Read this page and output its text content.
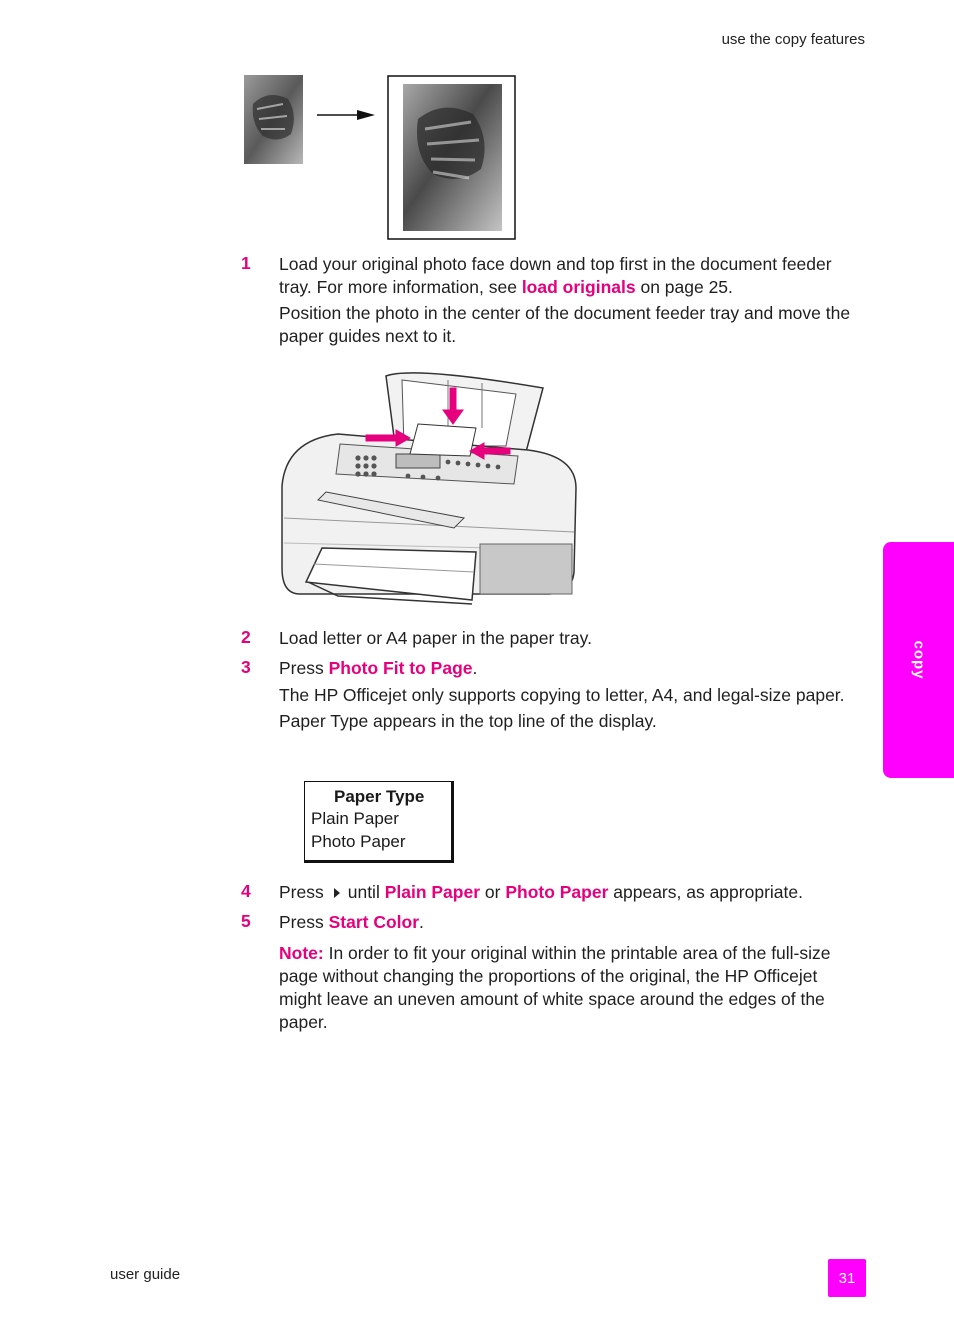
use the copy features
1 Load your original photo face down and top first in the document feeder
tray. For more information, see load originals on page 25.
Position the photo in the center of the document feeder tray and move the
paper guides next to it.
2 Load letter or A4 paper in the paper tray.
3 Press Photo Fit to Page.
The HP Officejet only supports copying to letter, A4, and legal-size paper.
Paper Type appears in the top line of the display.
Paper Type
Plain Paper
Photo Paper
4 Press until Plain Paper or Photo Paper appears, as appropriate.
5 Press Start Color.
Note: In order to fit your original within the printable area of the full-size
page without changing the proportions of the original, the HP Officejet
might leave an uneven amount of white space around the edges of the
paper.
copy
user guide	31
